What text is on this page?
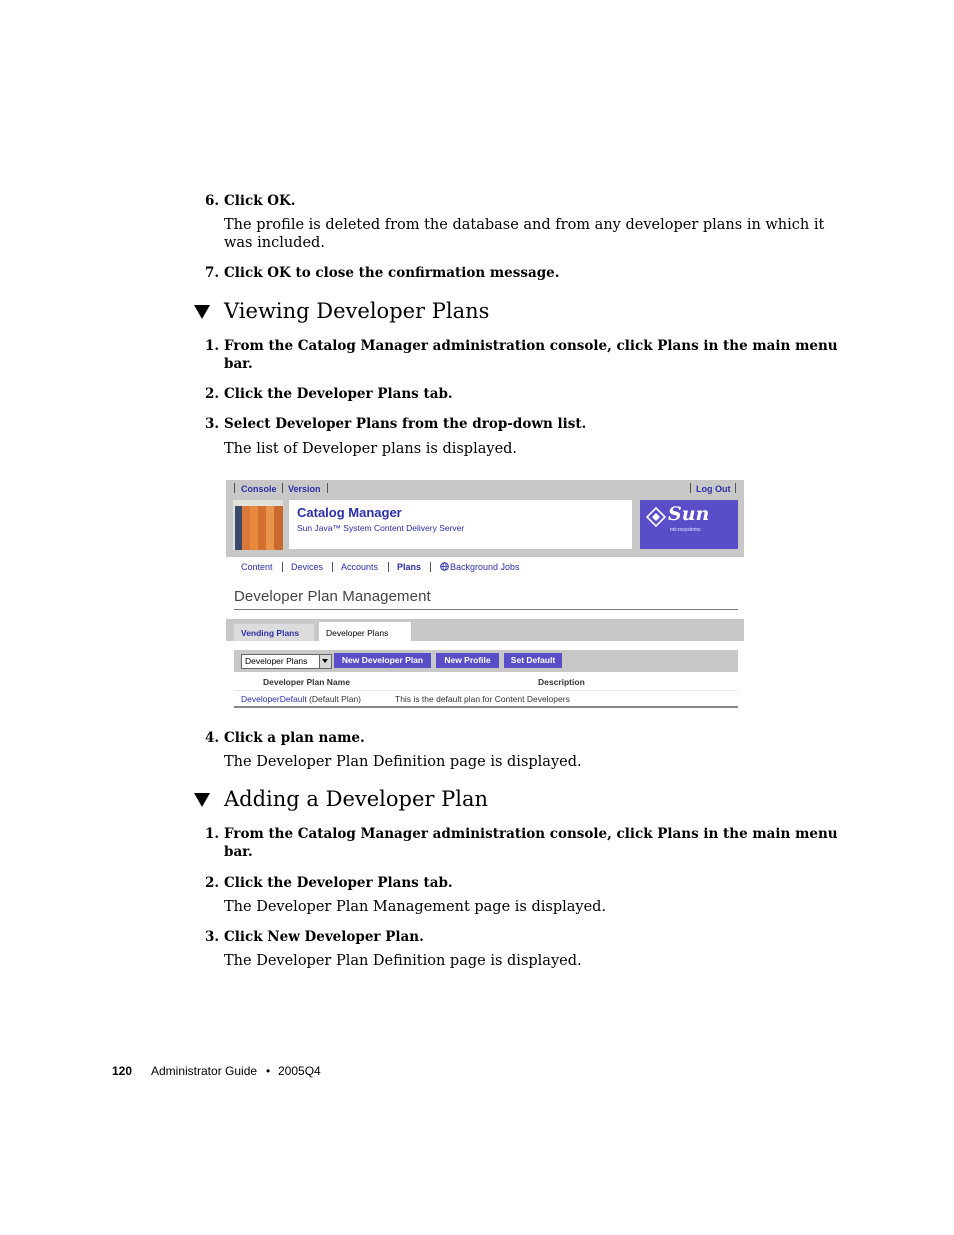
6. Click OK.
The profile is deleted from the database and from any developer plans in which it
was included.
7. Click OK to close the confirmation message.
Viewing Developer Plans
1. From the Catalog Manager administration console, click Plans in the main menu
bar.
2. Click the Developer Plans tab.
3. Select Developer Plans from the drop-down list.
The list of Developer plans is displayed.
Console Version	Log Out
Catalog Manager
Sun Java™ System Content Delivery Server
Sun
microsystems
Content Devices Accounts Plans	Background Jobs
Developer Plan Management
Vending Plans	Developer Plans
Developer Plans	New Developer Plan	New Profile	Set Default
Developer Plan Name	Description
DeveloperDefault (Default Plan)	This is the default plan for Content Developers
4. Click a plan name.
The Developer Plan Definition page is displayed.
Adding a Developer Plan
1. From the Catalog Manager administration console, click Plans in the main menu
bar.
2. Click the Developer Plans tab.
The Developer Plan Management page is displayed.
3. Click New Developer Plan.
The Developer Plan Definition page is displayed.
120 Administrator Guide • 2005Q4
